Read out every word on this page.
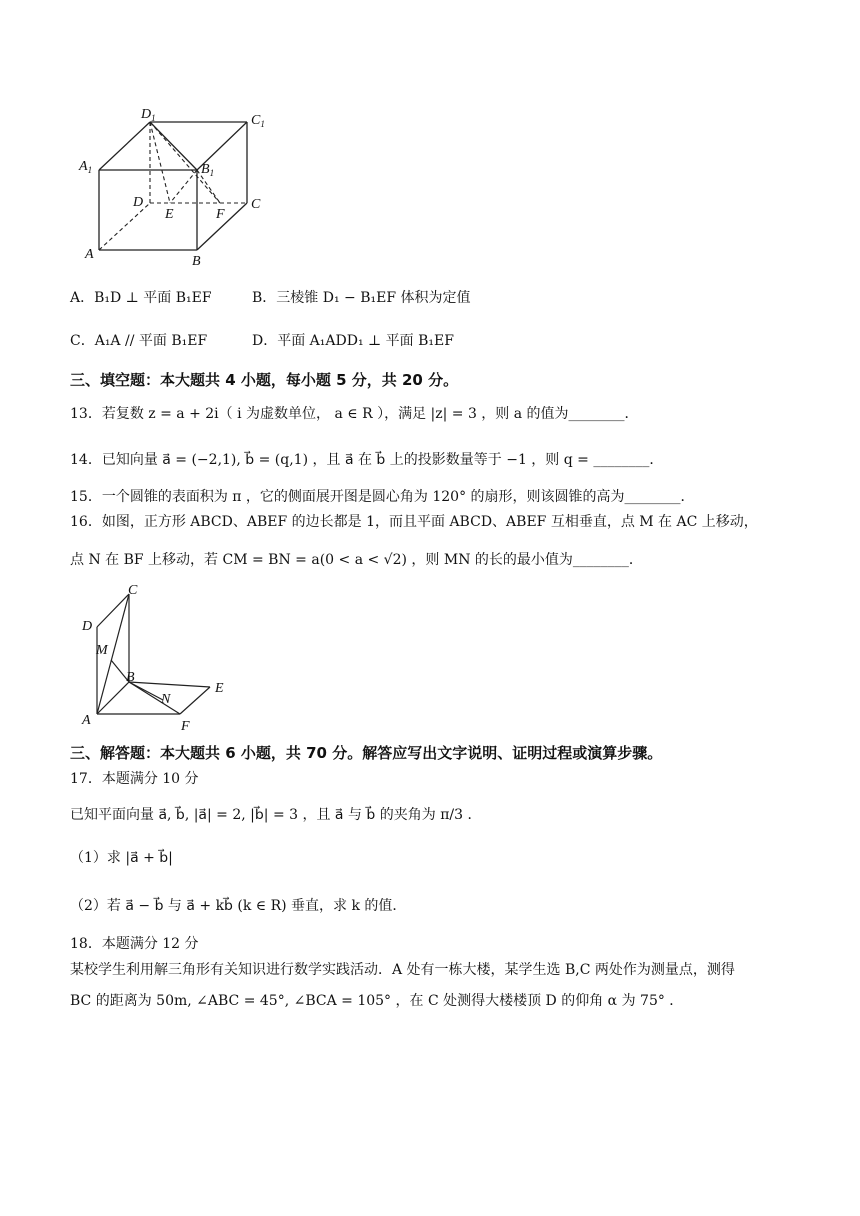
$D_1$	$C_1$
$A_1$	$B_1$
D
E	F
C
A	B
A．B₁D ⊥ 平面 B₁EF	B．三棱锥 D₁ − B₁EF 体积为定值
C．A₁A // 平面 B₁EF	D．平面 A₁ADD₁ ⊥ 平面 B₁EF
三、填空题：本大题共 4 小题，每小题 5 分，共 20 分。
13．若复数 z = a + 2i（ i 为虚数单位， a ∈ R ），满足 |z| = 3 ，则 a 的值为________．
14．已知向量 a⃗ = (−2,1), b⃗ = (q,1) ，且 a⃗ 在 b⃗ 上的投影数量等于 −1 ，则 q = ________．
15．一个圆锥的表面积为 π ，它的侧面展开图是圆心角为 120° 的扇形，则该圆锥的高为________．
16．如图，正方形 ABCD、ABEF 的边长都是 1，而且平面 ABCD、ABEF 互相垂直，点 M 在 AC 上移动，
点 N 在 BF 上移动，若 CM = BN = a(0 < a < √2) ，则 MN 的长的最小值为________．
C
D
M
B
E
N
A	F
三、解答题：本大题共 6 小题，共 70 分。解答应写出文字说明、证明过程或演算步骤。
17．本题满分 10 分
已知平面向量 a⃗, b⃗, |a⃗| = 2, |b⃗| = 3 ，且 a⃗ 与 b⃗ 的夹角为 π/3 ．
（1）求 |a⃗ + b⃗|
（2）若 a⃗ − b⃗ 与 a⃗ + kb⃗ (k ∈ R) 垂直，求 k 的值．
18．本题满分 12 分
某校学生利用解三角形有关知识进行数学实践活动．A 处有一栋大楼，某学生选 B,C 两处作为测量点，测得
BC 的距离为 50m, ∠ABC = 45°, ∠BCA = 105° ，在 C 处测得大楼楼顶 D 的仰角 α 为 75° ．
